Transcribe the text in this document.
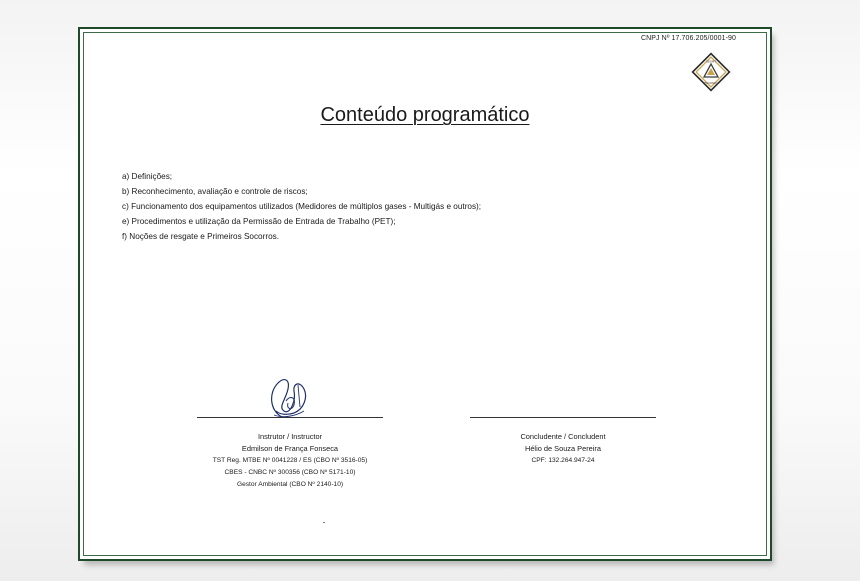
CNPJ Nº 17.706.205/0001-90
SESMT
SEGURANÇA
Conteúdo programático
a) Definições;
b) Reconhecimento, avaliação e controle de riscos;
c) Funcionamento dos equipamentos utilizados (Medidores de múltiplos gases - Multigás e outros);
e) Procedimentos e utilização da Permissão de Entrada de Trabalho (PET);
f) Noções de resgate e Primeiros Socorros.
Instrutor / Instructor
Edmilson de França Fonseca
TST Reg. MTBE Nº 0041228 / ES (CBO Nº 3516-05)
CBES - CNBC Nº 300356 (CBO Nº 5171-10)
Gestor Ambiental (CBO Nº 2140-10)
Concludente / Concludent
Hélio de Souza Pereira
CPF: 132.264.947-24
